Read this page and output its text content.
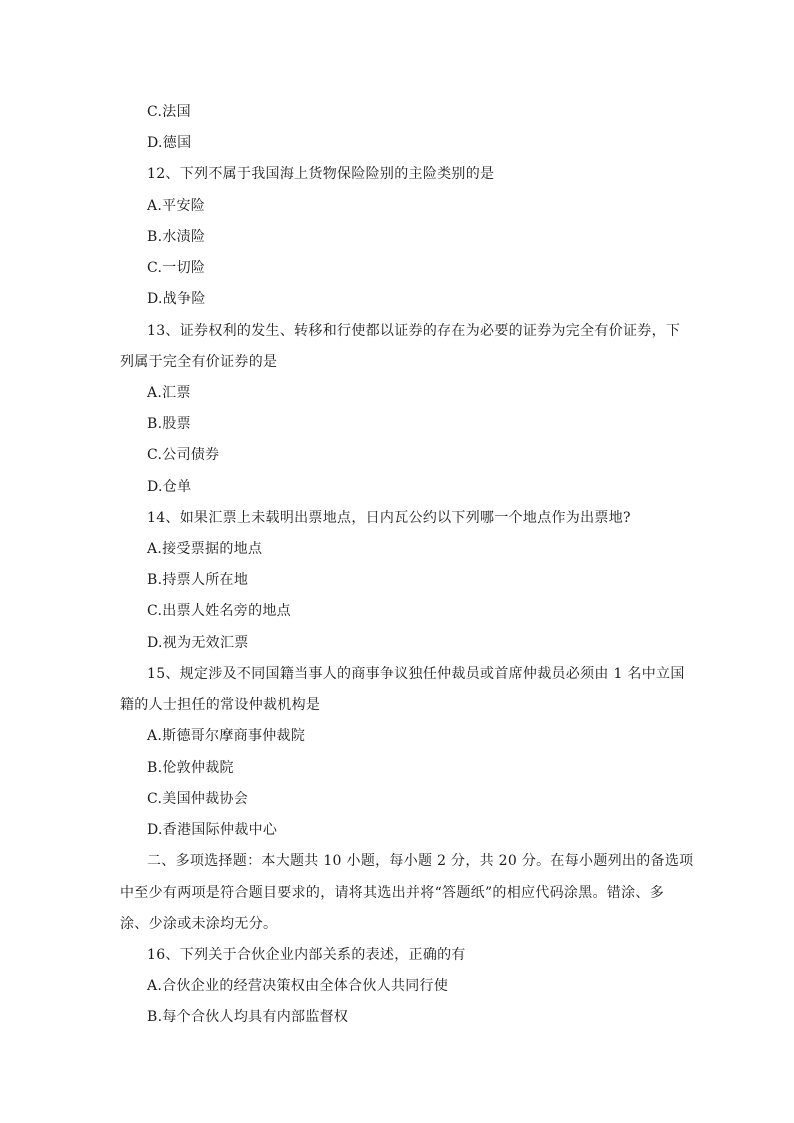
C.法国
D.德国
12、下列不属于我国海上货物保险险别的主险类别的是
A.平安险
B.水渍险
C.一切险
D.战争险
13、证券权利的发生、转移和行使都以证券的存在为必要的证券为完全有价证券，下
列属于完全有价证券的是
A.汇票
B.股票
C.公司债券
D.仓单
14、如果汇票上未载明出票地点，日内瓦公约以下列哪一个地点作为出票地?
A.接受票据的地点
B.持票人所在地
C.出票人姓名旁的地点
D.视为无效汇票
15、规定涉及不同国籍当事人的商事争议独任仲裁员或首席仲裁员必须由 1 名中立国
籍的人士担任的常设仲裁机构是
A.斯德哥尔摩商事仲裁院
B.伦敦仲裁院
C.美国仲裁协会
D.香港国际仲裁中心
二、多项选择题：本大题共 10 小题，每小题 2 分，共 20 分。在每小题列出的备选项
中至少有两项是符合题目要求的，请将其选出并将“答题纸”的相应代码涂黑。错涂、多
涂、少涂或未涂均无分。
16、下列关于合伙企业内部关系的表述，正确的有
A.合伙企业的经营决策权由全体合伙人共同行使
B.每个合伙人均具有内部监督权
